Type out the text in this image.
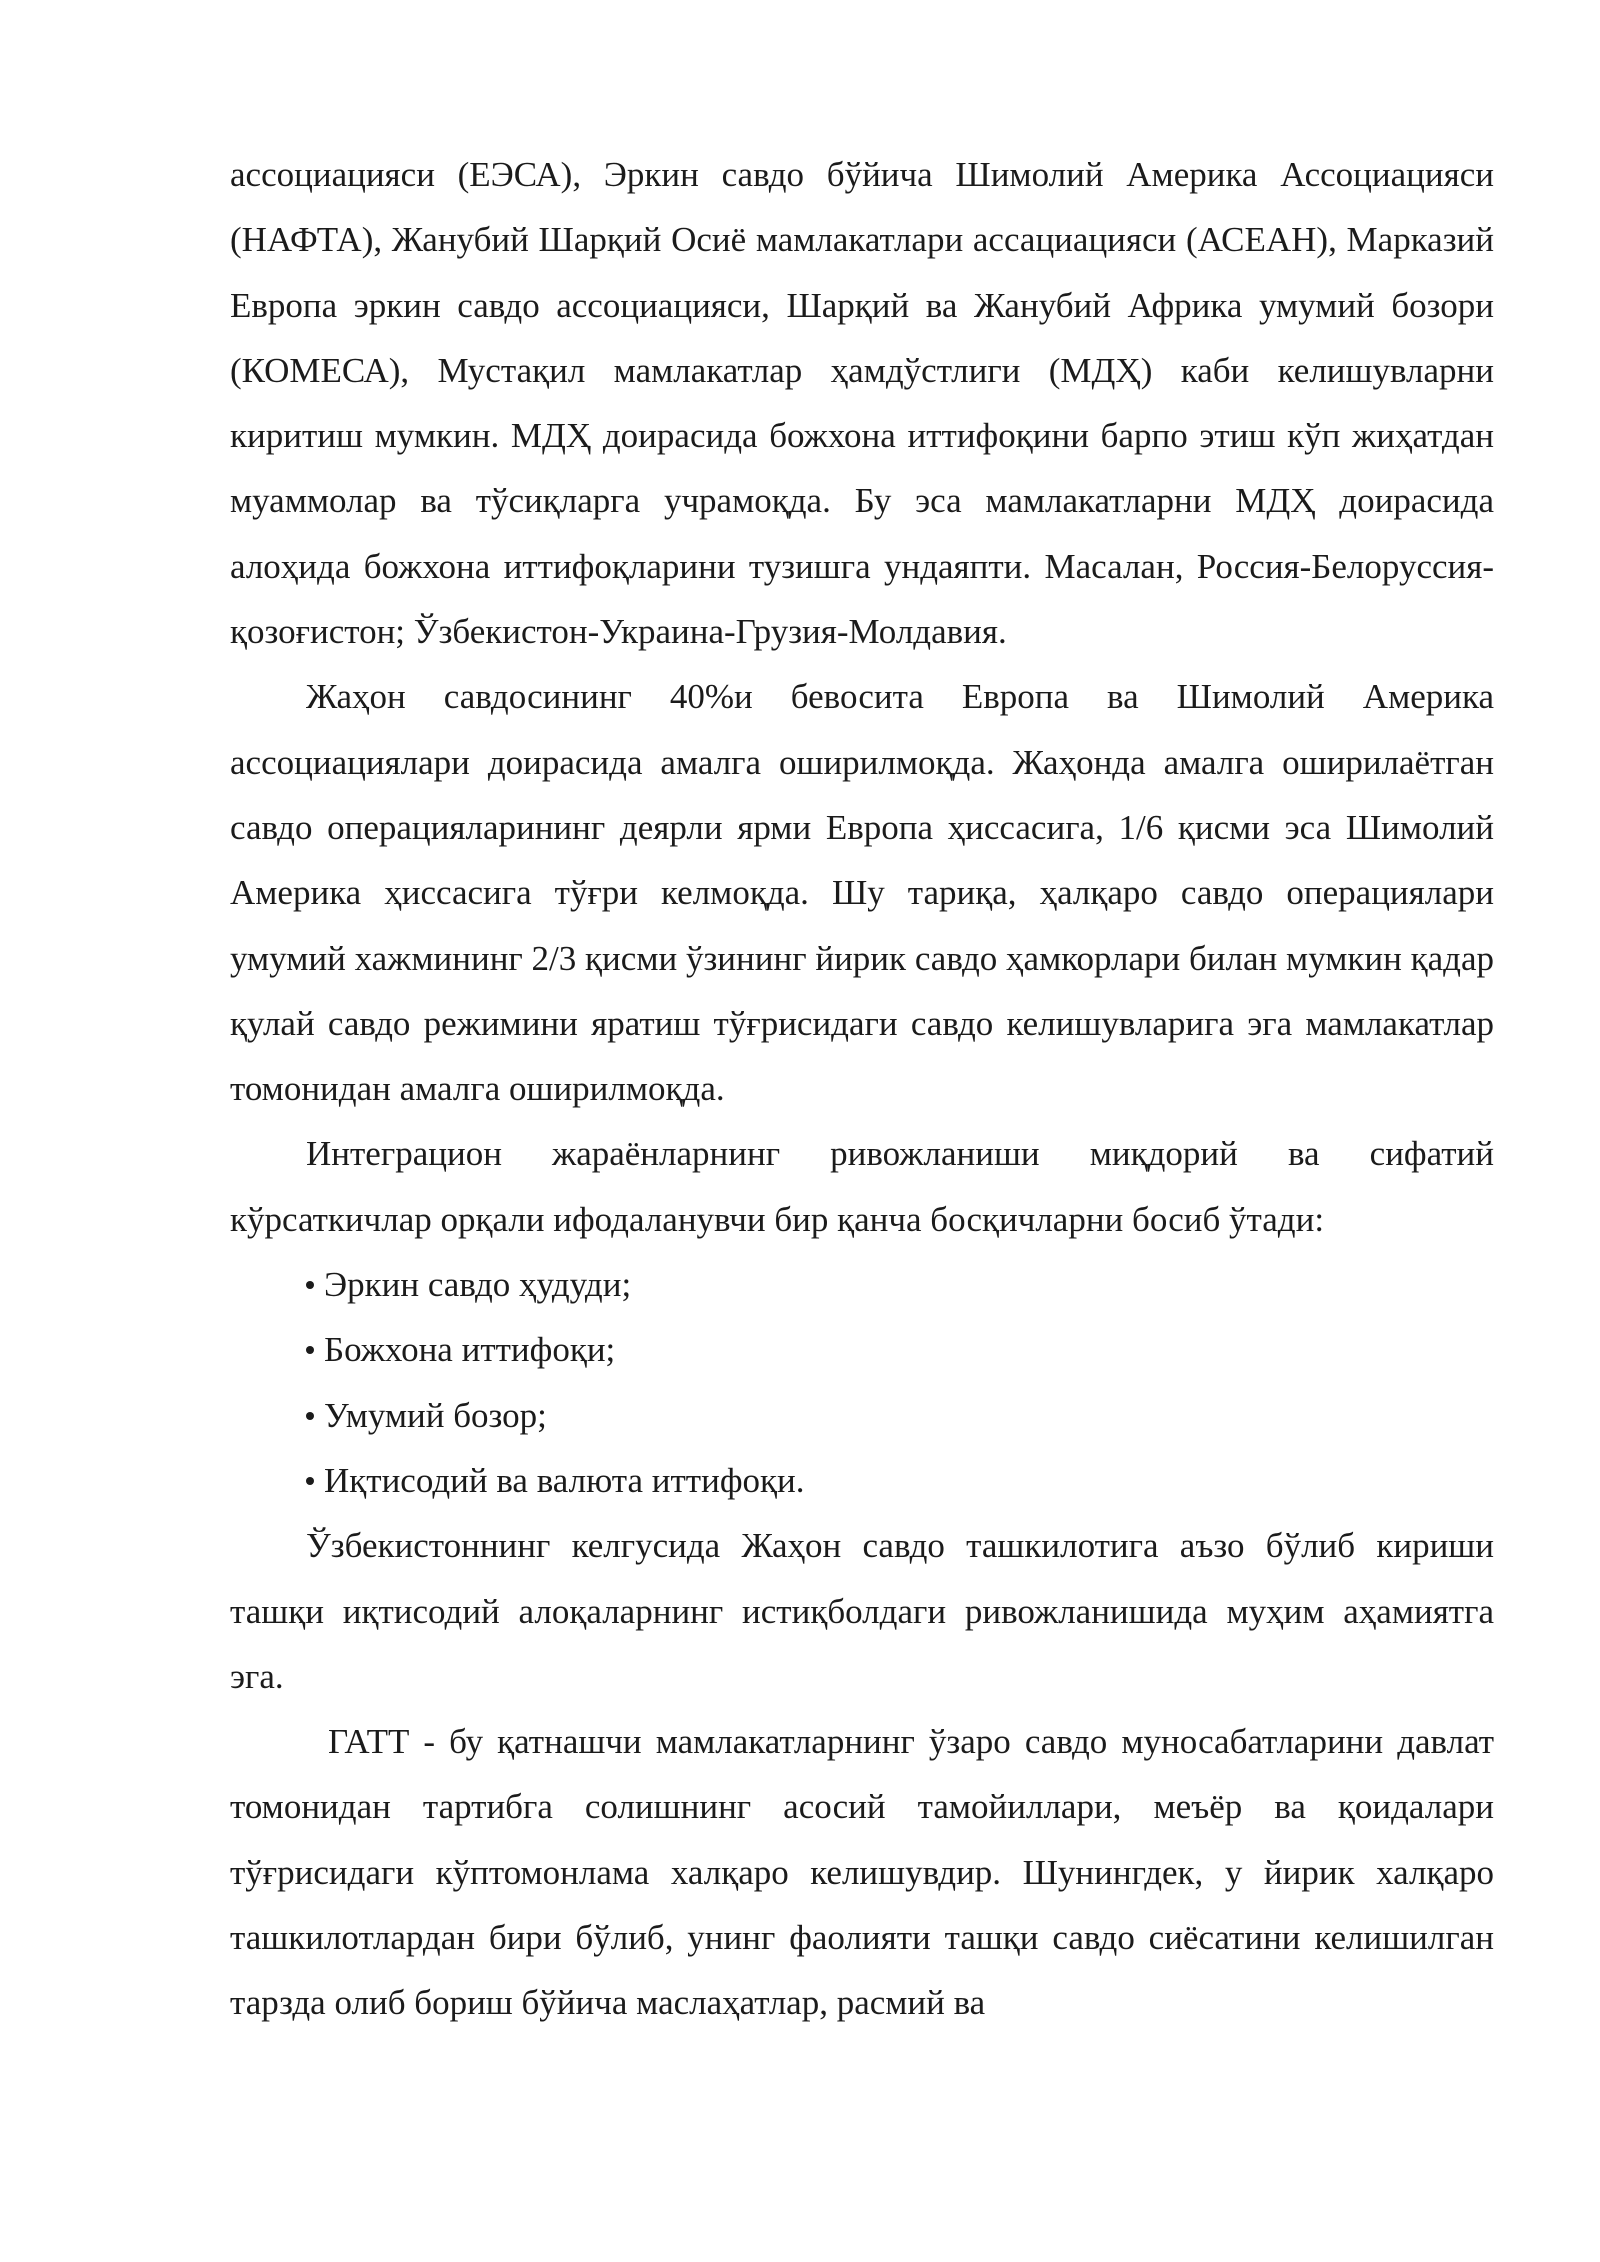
ассоциацияси (ЕЭСА), Эркин савдо бўйича Шимолий Америка Ассоциацияси (НАФТА), Жанубий Шарқий Осиё мамлакатлари ассациацияси (АСЕАН), Марказий Европа эркин савдо ассоциацияси, Шарқий ва Жанубий Африка умумий бозори (КОМЕСА), Мустақил мамлакатлар ҳамдўстлиги (МДҲ) каби келишувларни киритиш мумкин. МДҲ доирасида божхона иттифоқини барпо этиш кўп жиҳатдан муаммолар ва тўсиқларга учрамоқда. Бу эса мамлакатларни МДҲ доирасида алоҳида божхона иттифоқларини тузишга ундаяпти. Масалан, Россия-Белоруссия-қозоғистон; Ўзбекистон-Украина-Грузия-Молдавия.

Жаҳон савдосининг 40%и бевосита Европа ва Шимолий Америка ассоциациялари доирасида амалга оширилмоқда. Жаҳонда амалга оширилаётган савдо операцияларининг деярли ярми Европа ҳиссасига, 1/6 қисми эса Шимолий Америка ҳиссасига тўғри келмоқда. Шу тариқа, ҳалқаро савдо операциялари умумий хажмининг 2/3 қисми ўзининг йирик савдо ҳамкорлари билан мумкин қадар қулай савдо режимини яратиш тўғрисидаги савдо келишувларига эга мамлакатлар томонидан амалга оширилмоқда.

Интеграцион жараёнларнинг ривожланиши миқдорий ва сифатий кўрсаткичлар орқали ифодаланувчи бир қанча босқичларни босиб ўтади:

Эркин савдо ҳудуди;
Божхона иттифоқи;
Умумий бозор;
Иқтисодий ва валюта иттифоқи.

Ўзбекистоннинг келгусида Жаҳон савдо ташкилотига аъзо бўлиб кириши ташқи иқтисодий алоқаларнинг истиқболдаги ривожланишида муҳим аҳамиятга эга.

ГАТТ - бу қатнашчи мамлакатларнинг ўзаро савдо муносабатларини давлат томонидан тартибга солишнинг асосий тамойиллари, меъёр ва қоидалари тўғрисидаги кўптомонлама халқаро келишувдир. Шунингдек, у йирик халқаро ташкилотлардан бири бўлиб, унинг фаолияти ташқи савдо сиёсатини келишилган тарзда олиб бориш бўйича маслаҳатлар, расмий ва
